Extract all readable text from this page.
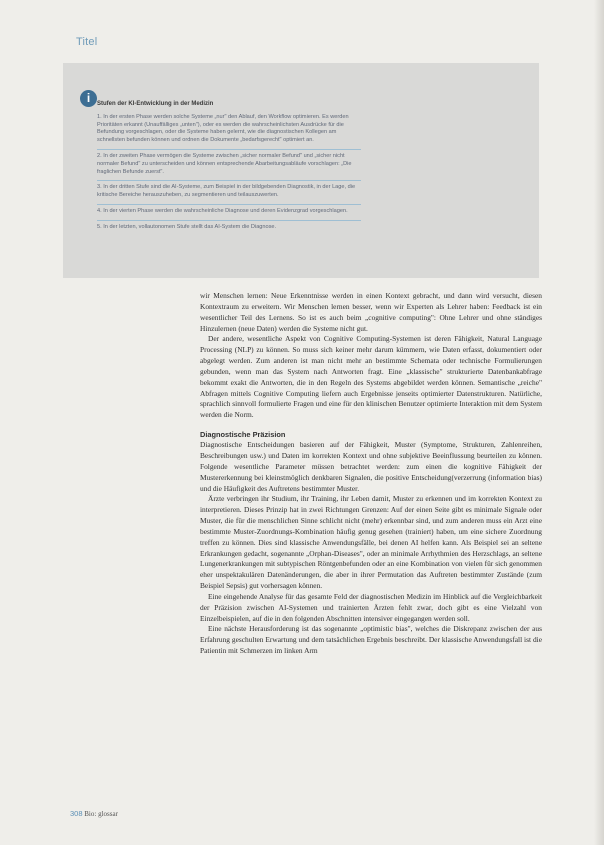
Titel
i	Stufen der KI-Entwicklung in der Medizin

1. In der ersten Phase werden solche Systeme „nur" den Ablauf, den Workflow optimieren. Es werden Prioritäten erkannt (Unauffälliges „unten"), oder es werden die wahrscheinlichsten Ausdrücke für die Befundung vorgeschlagen, oder die Systeme haben gelernt, wie die diagnostischen Kollegen am schnellsten befunden können und ordnen die Dokumente „bedarfsgerecht" optimiert an.

2. In der zweiten Phase vermögen die Systeme zwischen „sicher normaler Befund" und „sicher nicht normaler Befund" zu unterscheiden und können entsprechende Abarbeitungsabläufe vorschlagen: „Die fraglichen Befunde zuerst".

3. In der dritten Stufe sind die AI-Systeme, zum Beispiel in der bildgebenden Diagnostik, in der Lage, die kritische Bereiche herauszuheben, zu segmentieren und teilauszuwerten.

4. In der vierten Phase werden die wahrscheinliche Diagnose und deren Evidenzgrad vorgeschlagen.

5. In der letzten, vollautonomen Stufe stellt das AI-System die Diagnose.

wir Menschen lernen: Neue Erkenntnisse werden in einen Kontext gebracht, und dann wird versucht, diesen Kontextraum zu erweitern. Wir Menschen lernen besser, wenn wir Experten als Lehrer haben: Feedback ist ein wesentlicher Teil des Lernens. So ist es auch beim „cognitive computing": Ohne Lehrer und ohne ständiges Hinzulernen (neue Daten) werden die Systeme nicht gut.

Der andere, wesentliche Aspekt von Cognitive Computing-Systemen ist deren Fähigkeit, Natural Language Processing (NLP) zu können. So muss sich keiner mehr darum kümmern, wie Daten erfasst, dokumentiert oder abgelegt werden. Zum anderen ist man nicht mehr an bestimmte Schemata oder technische Formulierungen gebunden, wenn man das System nach Antworten fragt. Eine „klassische" strukturierte Datenbankabfrage bekommt exakt die Antworten, die in den Regeln des Systems abgebildet werden können. Semantische „reiche" Abfragen mittels Cognitive Computing liefern auch Ergebnisse jenseits optimierter Datenstrukturen. Natürliche, sprachlich sinnvoll formulierte Fragen und eine für den klinischen Benutzer optimierte Interaktion mit dem System werden die Norm.

Diagnostische Präzision

Diagnostische Entscheidungen basieren auf der Fähigkeit, Muster (Symptome, Strukturen, Zahlenreihen, Beschreibungen usw.) und Daten im korrekten Kontext und ohne subjektive Beeinflussung beurteilen zu können. Folgende wesentliche Parameter müssen betrachtet werden: zum einen die kognitive Fähigkeit der Mustererkennung bei kleinstmöglich denkbaren Signalen, die positive Entscheidung(verzerrung (information bias) und die Häufigkeit des Auftretens bestimmter Muster.

Ärzte verbringen ihr Studium, ihr Training, ihr Leben damit, Muster zu erkennen und im korrekten Kontext zu interpretieren. Dieses Prinzip hat in zwei Richtungen Grenzen: Auf der einen Seite gibt es minimale Signale oder Muster, die für die menschlichen Sinne schlicht nicht (mehr) erkennbar sind, und zum anderen muss ein Arzt eine bestimmte Muster-Zuordnungs-Kombination häufig genug gesehen (trainiert) haben, um eine sichere Zuordnung treffen zu können. Dies sind klassische Anwendungsfälle, bei denen AI helfen kann. Als Beispiel sei an seltene Erkrankungen gedacht, sogenannte „Orphan-Diseases", oder an minimale Arrhythmien des Herzschlags, an seltene Lungenerkrankungen mit subtypischen Röntgenbefunden oder an eine Kombination von vielen für sich genommen eher unspektakulären Datenänderungen, die aber in ihrer Permutation das Auftreten bestimmter Zustände (zum Beispiel Sepsis) gut vorhersagen können.

Eine eingehende Analyse für das gesamte Feld der diagnostischen Medizin im Hinblick auf die Vergleichbarkeit der Präzision zwischen AI-Systemen und trainierten Ärzten fehlt zwar, doch gibt es eine Vielzahl von Einzelbeispielen, auf die in den folgenden Abschnitten intensiver eingegangen werden soll.

Eine nächste Herausforderung ist das sogenannte „optimistic bias", welches die Diskrepanz zwischen der aus Erfahrung geschulten Erwartung und dem tatsächlichen Ergebnis beschreibt. Der klassische Anwendungsfall ist die Patientin mit Schmerzen im linken Arm

308 Bio: glossar
